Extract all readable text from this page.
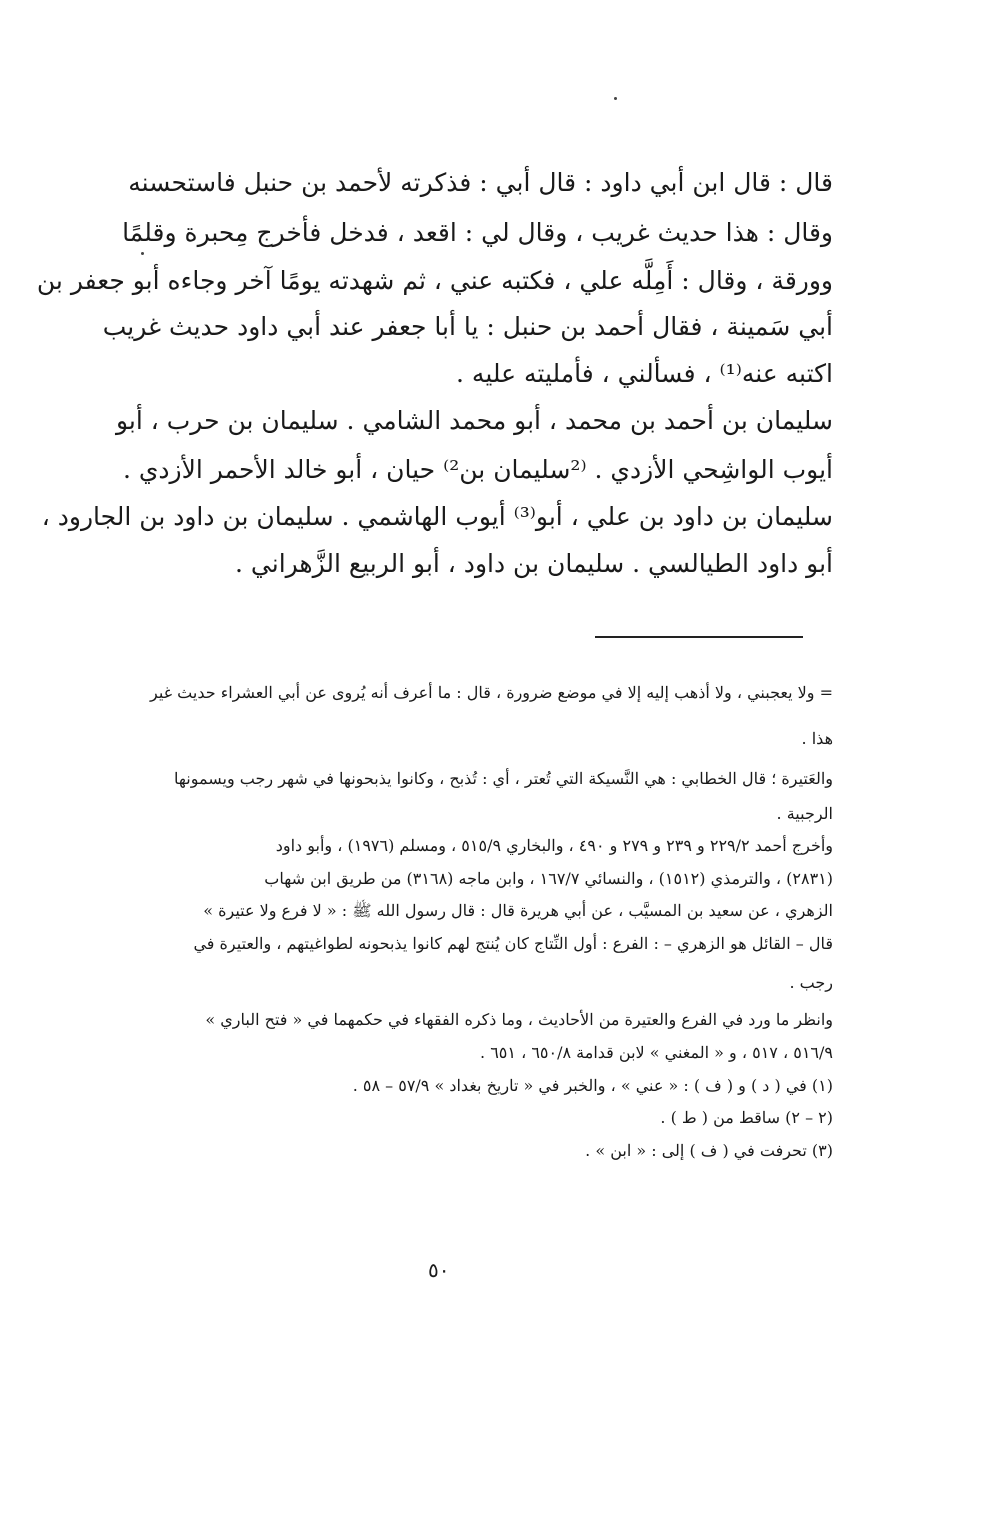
قال : قال ابن أبي داود : قال أبي : فذكرته لأحمد بن حنبل فاستحسنه
وقال : هذا حديث غريب ، وقال لي : اقعد ، فدخل فأخرج مِحبرة وقلمًا
وورقة ، وقال : أَمِلَّه علي ، فكتبه عني ، ثم شهدته يومًا آخر وجاءه أبو جعفر بن
أبي سَمينة ، فقال أحمد بن حنبل : يا أبا جعفر عند أبي داود حديث غريب
اكتبه عنه⁽¹⁾ ، فسألني ، فأمليته عليه .
سليمان بن أحمد بن محمد ، أبو محمد الشامي . سليمان بن حرب ، أبو
أيوب الواشِحي الأزدي . ⁽²سليمان بن²⁾ حيان ، أبو خالد الأحمر الأزدي .
سليمان بن داود بن علي ، أبو⁽³⁾ أيوب الهاشمي . سليمان بن داود بن الجارود ،
أبو داود الطيالسي . سليمان بن داود ، أبو الربيع الزَّهراني .
= ولا يعجبني ، ولا أذهب إليه إلا في موضع ضرورة ، قال : ما أعرف أنه يُروى عن أبي العشراء حديث غير
هذا .
والعَتيرة ؛ قال الخطابي : هي النَّسيكة التي تُعتر ، أي : تُذبح ، وكانوا يذبحونها في شهر رجب ويسمونها
الرجبية .
وأخرج أحمد ٢٢٩/٢ و ٢٣٩ و ٢٧٩ و ٤٩٠ ، والبخاري ٥١٥/٩ ، ومسلم (١٩٧٦) ، وأبو داود
(٢٨٣١) ، والترمذي (١٥١٢) ، والنسائي ١٦٧/٧ ، وابن ماجه (٣١٦٨) من طريق ابن شهاب
الزهري ، عن سعيد بن المسيَّب ، عن أبي هريرة قال : قال رسول الله ﷺ : « لا فرع ولا عتيرة »
قال – القائل هو الزهري – : الفرع : أول النِّتاج كان يُنتج لهم كانوا يذبحونه لطواغيتهم ، والعتيرة في
رجب .
وانظر ما ورد في الفرع والعتيرة من الأحاديث ، وما ذكره الفقهاء في حكمهما في « فتح الباري »
٥١٦/٩ ، ٥١٧ ، و « المغني » لابن قدامة ٦٥٠/٨ ، ٦٥١ .
(١) في ( د ) و ( ف ) : « عني » ، والخبر في « تاريخ بغداد » ٥٧/٩ – ٥٨ .
(٢ – ٢) ساقط من ( ط ) .
(٣) تحرفت في ( ف ) إلى : « ابن » .
٥٠
